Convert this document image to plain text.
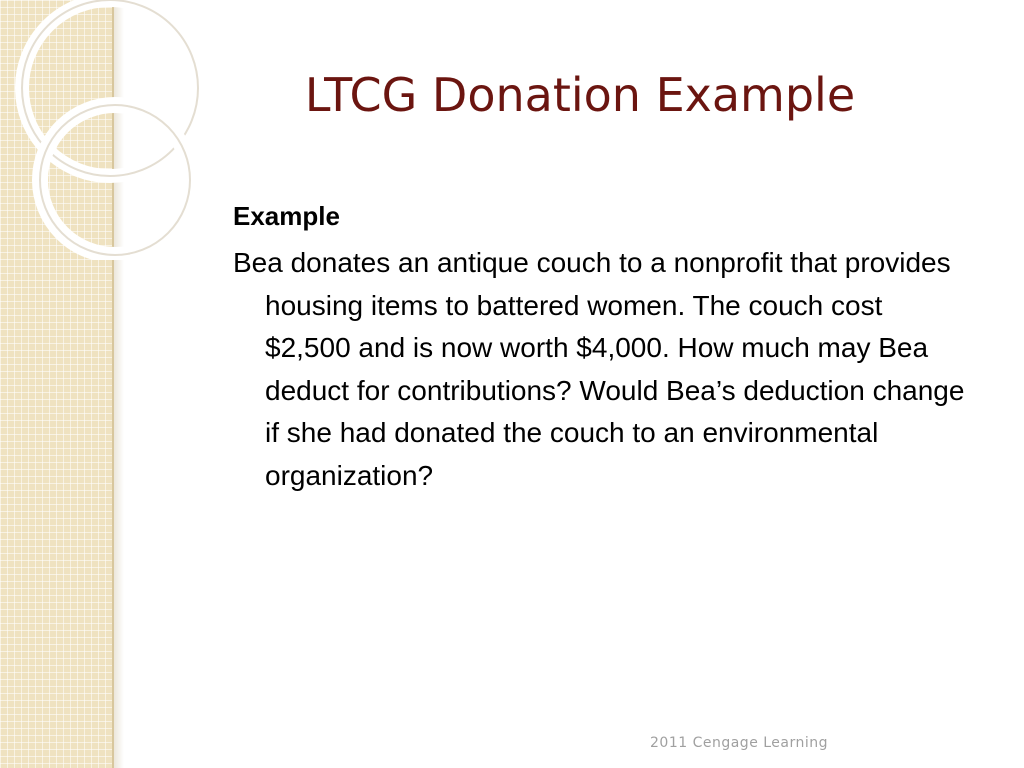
LTCG Donation Example

Example

Bea donates an antique couch to a nonprofit that provides housing items to battered women. The couch cost $2,500 and is now worth $4,000. How much may Bea deduct for contributions? Would Bea’s deduction change if she had donated the couch to an environmental organization?

2011 Cengage Learning
